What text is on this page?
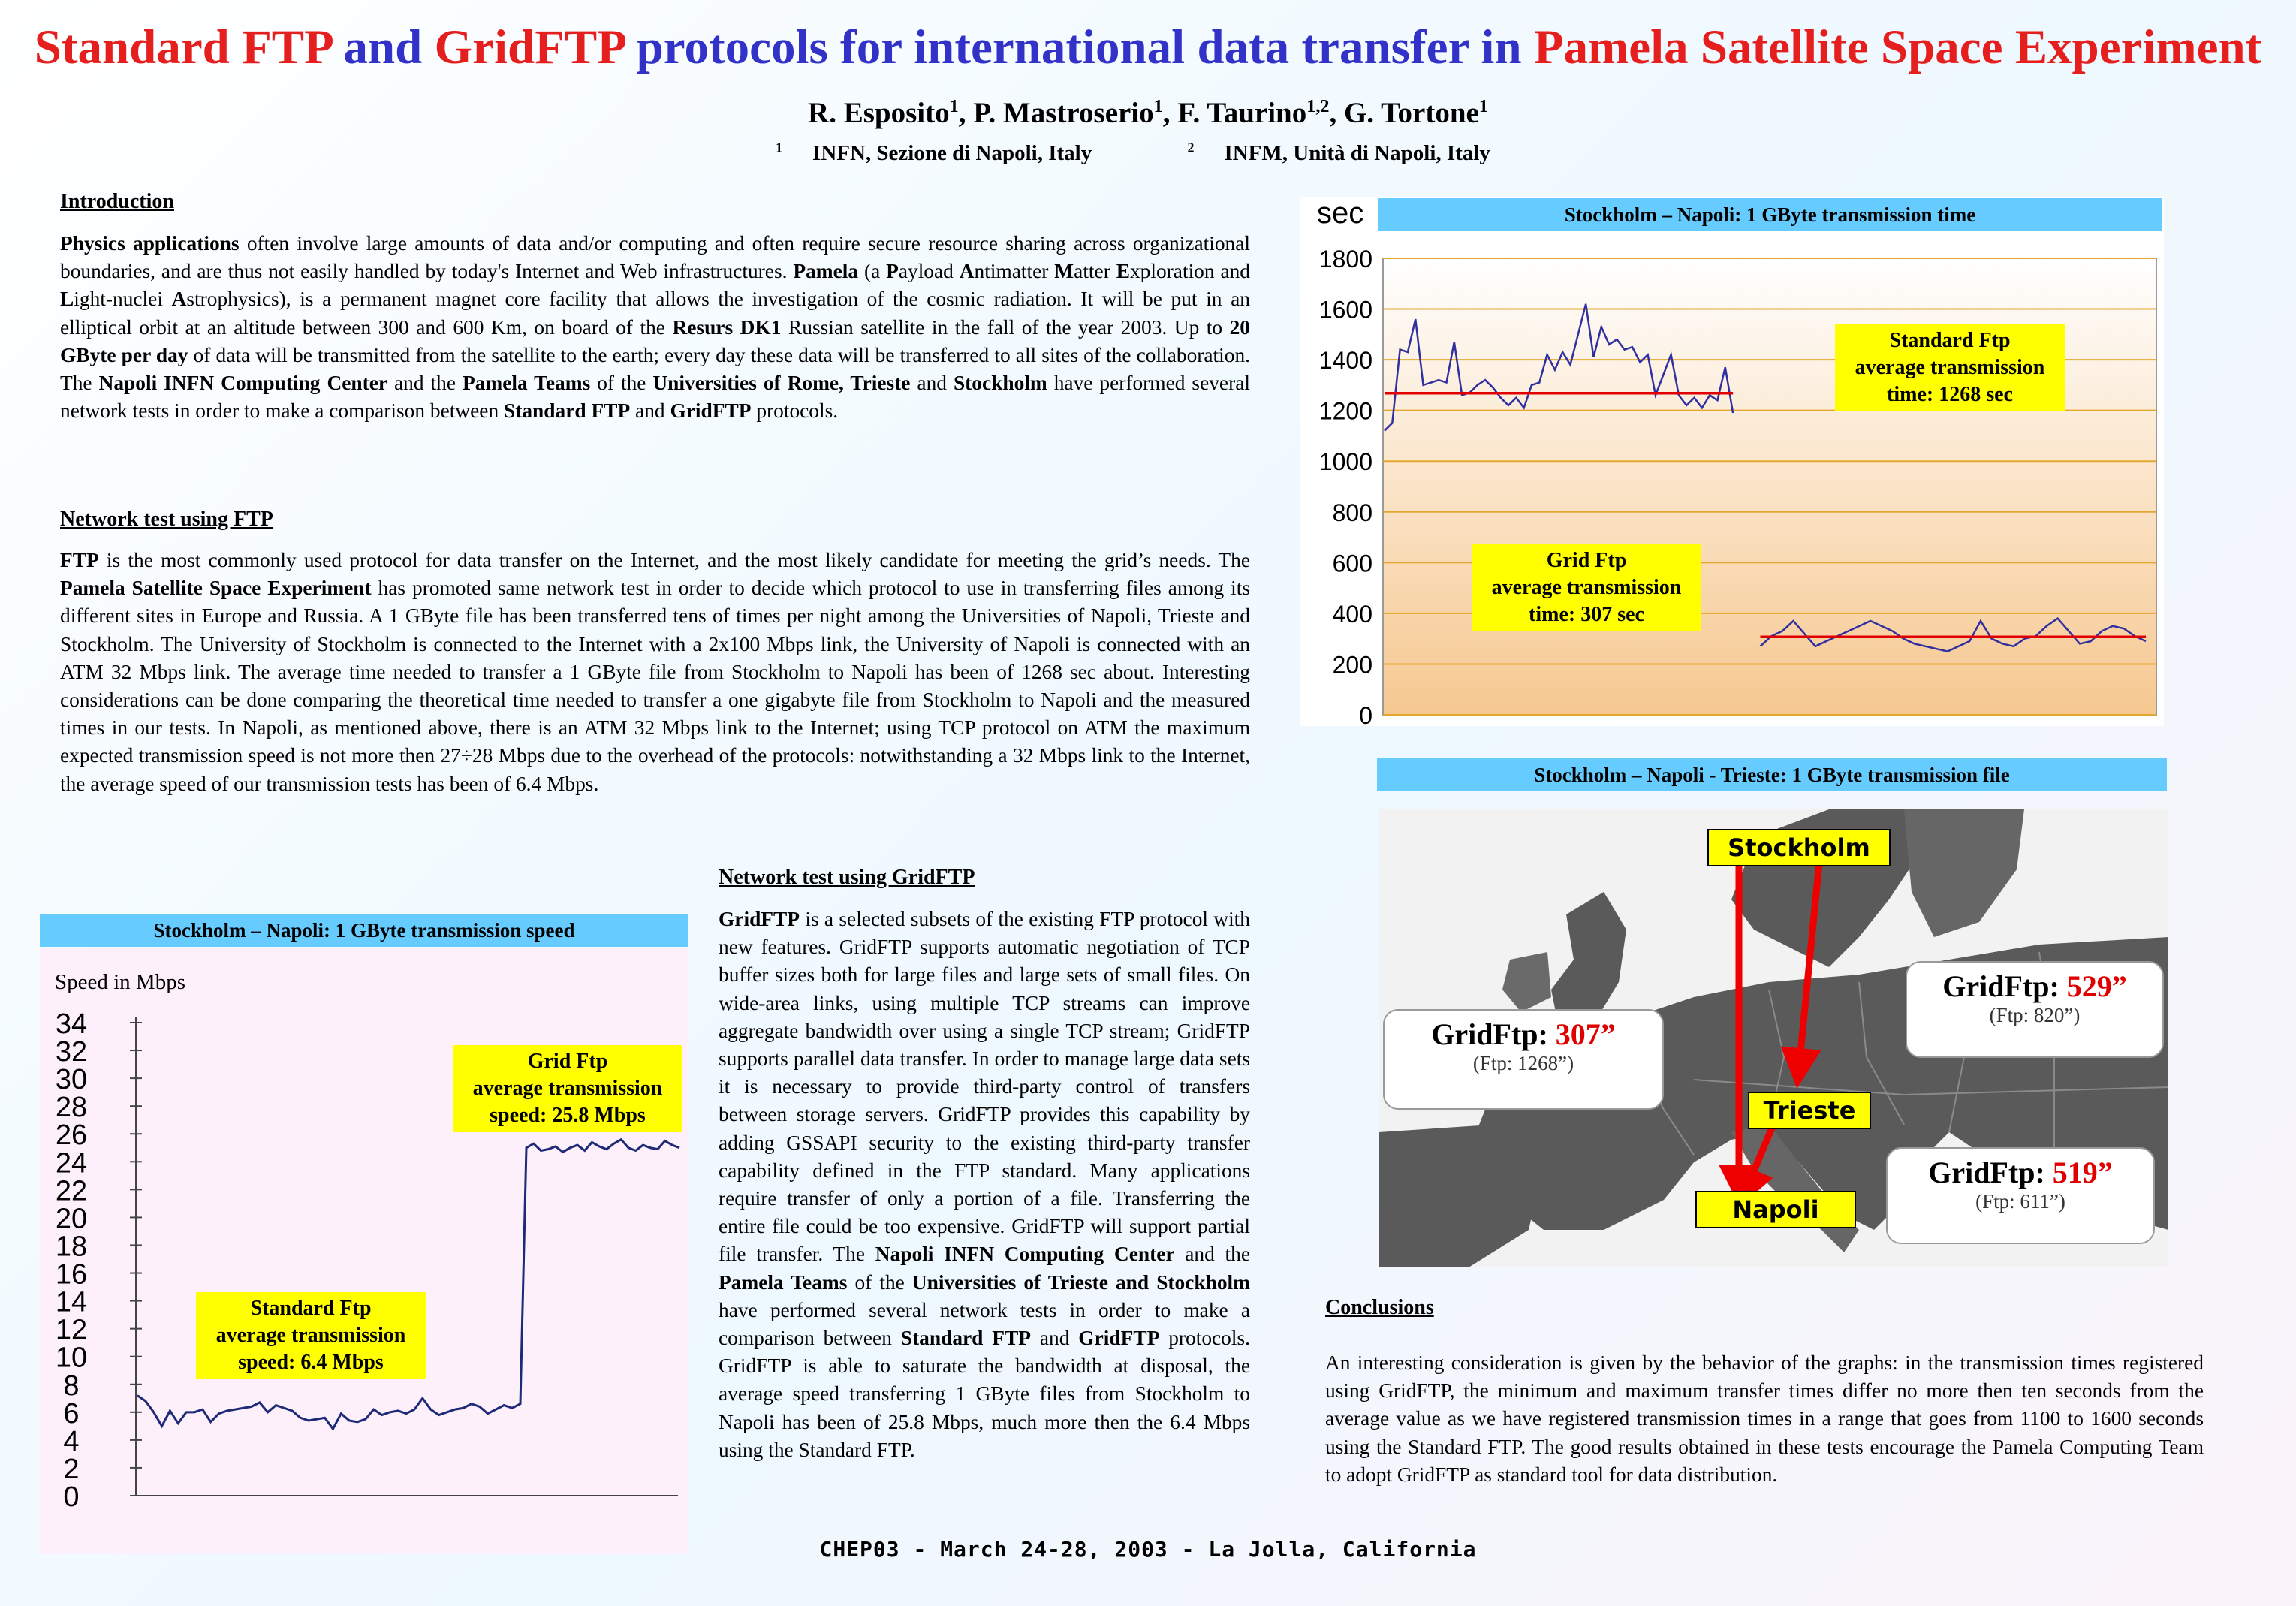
Standard FTP and GridFTP protocols for international data transfer in Pamela Satellite Space Experiment
R. Esposito$^1$, P. Mastroserio$^1$, F. Taurino$^{1,2}$, G. Tortone$^1$
$^1$ INFN, Sezione di Napoli, Italy	$^2$ INFM, Unità di Napoli, Italy
Introduction
Physics applications often involve large amounts of data and/or computing and often require secure resource sharing across organizational boundaries, and are thus not easily handled by today's Internet and Web infrastructures. Pamela (a Payload Antimatter Matter Exploration and Light-nuclei Astrophysics), is a permanent magnet core facility that allows the investigation of the cosmic radiation. It will be put in an elliptical orbit at an altitude between 300 and 600 Km, on board of the Resurs DK1 Russian satellite in the fall of the year 2003. Up to 20 GByte per day of data will be transmitted from the satellite to the earth; every day these data will be transferred to all sites of the collaboration. The Napoli INFN Computing Center and the Pamela Teams of the Universities of Rome, Trieste and Stockholm have performed several network tests in order to make a comparison between Standard FTP and GridFTP protocols.
Network test using FTP
FTP is the most commonly used protocol for data transfer on the Internet, and the most likely candidate for meeting the grid’s needs. The Pamela Satellite Space Experiment has promoted same network test in order to decide which protocol to use in transferring files among its different sites in Europe and Russia. A 1 GByte file has been transferred tens of times per night among the Universities of Napoli, Trieste and Stockholm. The University of Stockholm is connected to the Internet with a 2x100 Mbps link, the University of Napoli is connected with an ATM 32 Mbps link. The average time needed to transfer a 1 GByte file from Stockholm to Napoli has been of 1268 sec about. Interesting considerations can be done comparing the theoretical time needed to transfer a one gigabyte file from Stockholm to Napoli and the measured times in our tests. In Napoli, as mentioned above, there is an ATM 32 Mbps link to the Internet; using TCP protocol on ATM the maximum expected transmission speed is not more then 27÷28 Mbps due to the overhead of the protocols: notwithstanding a 32 Mbps link to the Internet, the average speed of our transmission tests has been of 6.4 Mbps.
Network test using GridFTP
GridFTP is a selected subsets of the existing FTP protocol with new features. GridFTP supports automatic negotiation of TCP buffer sizes both for large files and large sets of small files. On wide-area links, using multiple TCP streams can improve aggregate bandwidth over using a single TCP stream; GridFTP supports parallel data transfer. In order to manage large data sets it is necessary to provide third-party control of transfers between storage servers. GridFTP provides this capability by adding GSSAPI security to the existing third-party transfer capability defined in the FTP standard. Many applications require transfer of only a portion of a file. Transferring the entire file could be too expensive. GridFTP will support partial file transfer. The Napoli INFN Computing Center and the Pamela Teams of the Universities of Trieste and Stockholm have performed several network tests in order to make a comparison between Standard FTP and GridFTP protocols. GridFTP is able to saturate the bandwidth at disposal, the average speed transferring 1 GByte files from Stockholm to Napoli has been of 25.8 Mbps, much more then the 6.4 Mbps using the Standard FTP.
0
200
400
600
800
1000
1200
1400
1600
1800
Stockholm – Napoli: 1 GByte transmission time
sec
Standard Ftp
average transmission
time: 1268 sec
Grid Ftp
average transmission
time: 307 sec
Stockholm – Napoli: 1 GByte transmission speed
0
2
4
6
8
10
12
14
16
18
20
22
24
26
28
30
32
34
Speed in Mbps
Grid Ftp
average transmission
speed: 25.8 Mbps
Standard Ftp
average transmission
speed: 6.4 Mbps
Stockholm – Napoli - Trieste: 1 GByte transmission file
Stockholm
Trieste
Napoli
GridFtp: 307”
(Ftp: 1268”)
GridFtp: 529”
(Ftp: 820”)
GridFtp: 519”
(Ftp: 611”)
Conclusions
An interesting consideration is given by the behavior of the graphs: in the transmission times registered using GridFTP, the minimum and maximum transfer times differ no more then ten seconds from the average value as we have registered transmission times in a range that goes from 1100 to 1600 seconds using the Standard FTP. The good results obtained in these tests encourage the Pamela Computing Team to adopt GridFTP as standard tool for data distribution.
CHEP03 - March 24-28, 2003 - La Jolla, California
